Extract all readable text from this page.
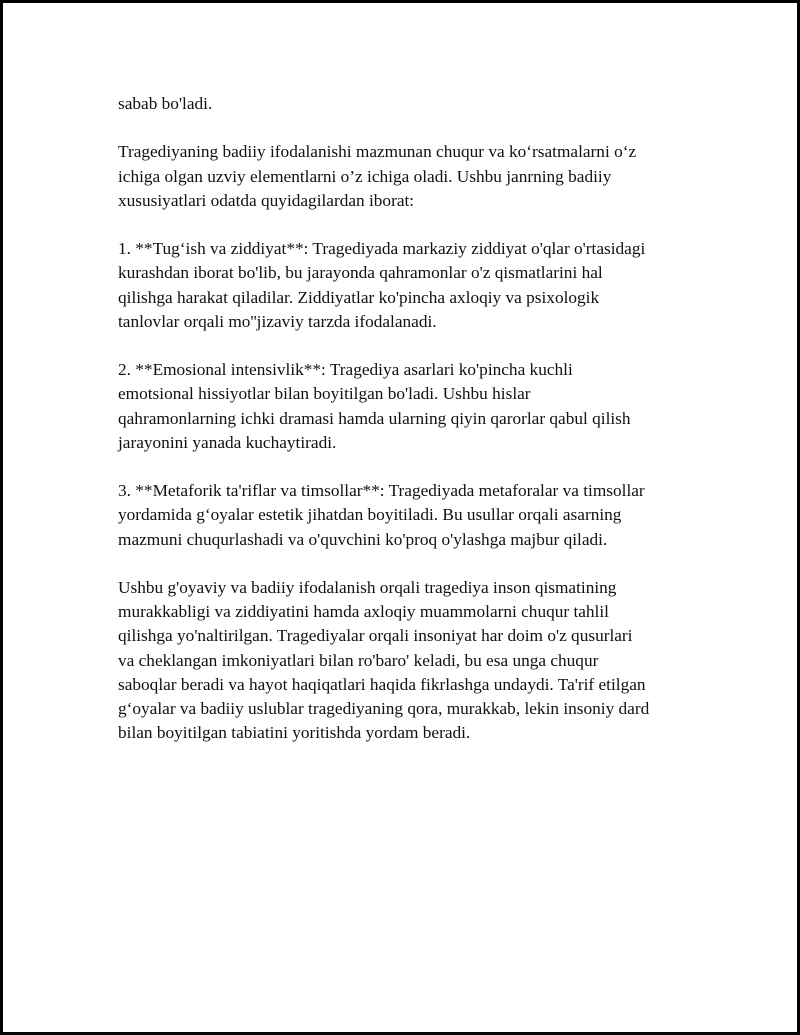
sabab bo'ladi.

Tragediyaning badiiy ifodalanishi mazmunan chuqur va ko‘rsatmalarni o‘z
ichiga olgan uzviy elementlarni o’z ichiga oladi. Ushbu janrning badiiy
xususiyatlari odatda quyidagilardan iborat:

1. **Tug‘ish va ziddiyat**: Tragediyada markaziy ziddiyat o'qlar o'rtasidagi
kurashdan iborat bo'lib, bu jarayonda qahramonlar o'z qismatlarini hal
qilishga harakat qiladilar. Ziddiyatlar ko'pincha axloqiy va psixologik
tanlovlar orqali mo''jizaviy tarzda ifodalanadi.

2. **Emosional intensivlik**: Tragediya asarlari ko'pincha kuchli
emotsional hissiyotlar bilan boyitilgan bo'ladi. Ushbu hislar
qahramonlarning ichki dramasi hamda ularning qiyin qarorlar qabul qilish
jarayonini yanada kuchaytiradi.

3. **Metaforik ta'riflar va timsollar**: Tragediyada metaforalar va timsollar
yordamida g‘oyalar estetik jihatdan boyitiladi. Bu usullar orqali asarning
mazmuni chuqurlashadi va o'quvchini ko'proq o'ylashga majbur qiladi.

Ushbu g'oyaviy va badiiy ifodalanish orqali tragediya inson qismatining
murakkabligi va ziddiyatini hamda axloqiy muammolarni chuqur tahlil
qilishga yo'naltirilgan. Tragediyalar orqali insoniyat har doim o'z qusurlari
va cheklangan imkoniyatlari bilan ro'baro' keladi, bu esa unga chuqur
saboqlar beradi va hayot haqiqatlari haqida fikrlashga undaydi. Ta'rif etilgan
g‘oyalar va badiiy uslublar tragediyaning qora, murakkab, lekin insoniy dard
bilan boyitilgan tabiatini yoritishda yordam beradi.
